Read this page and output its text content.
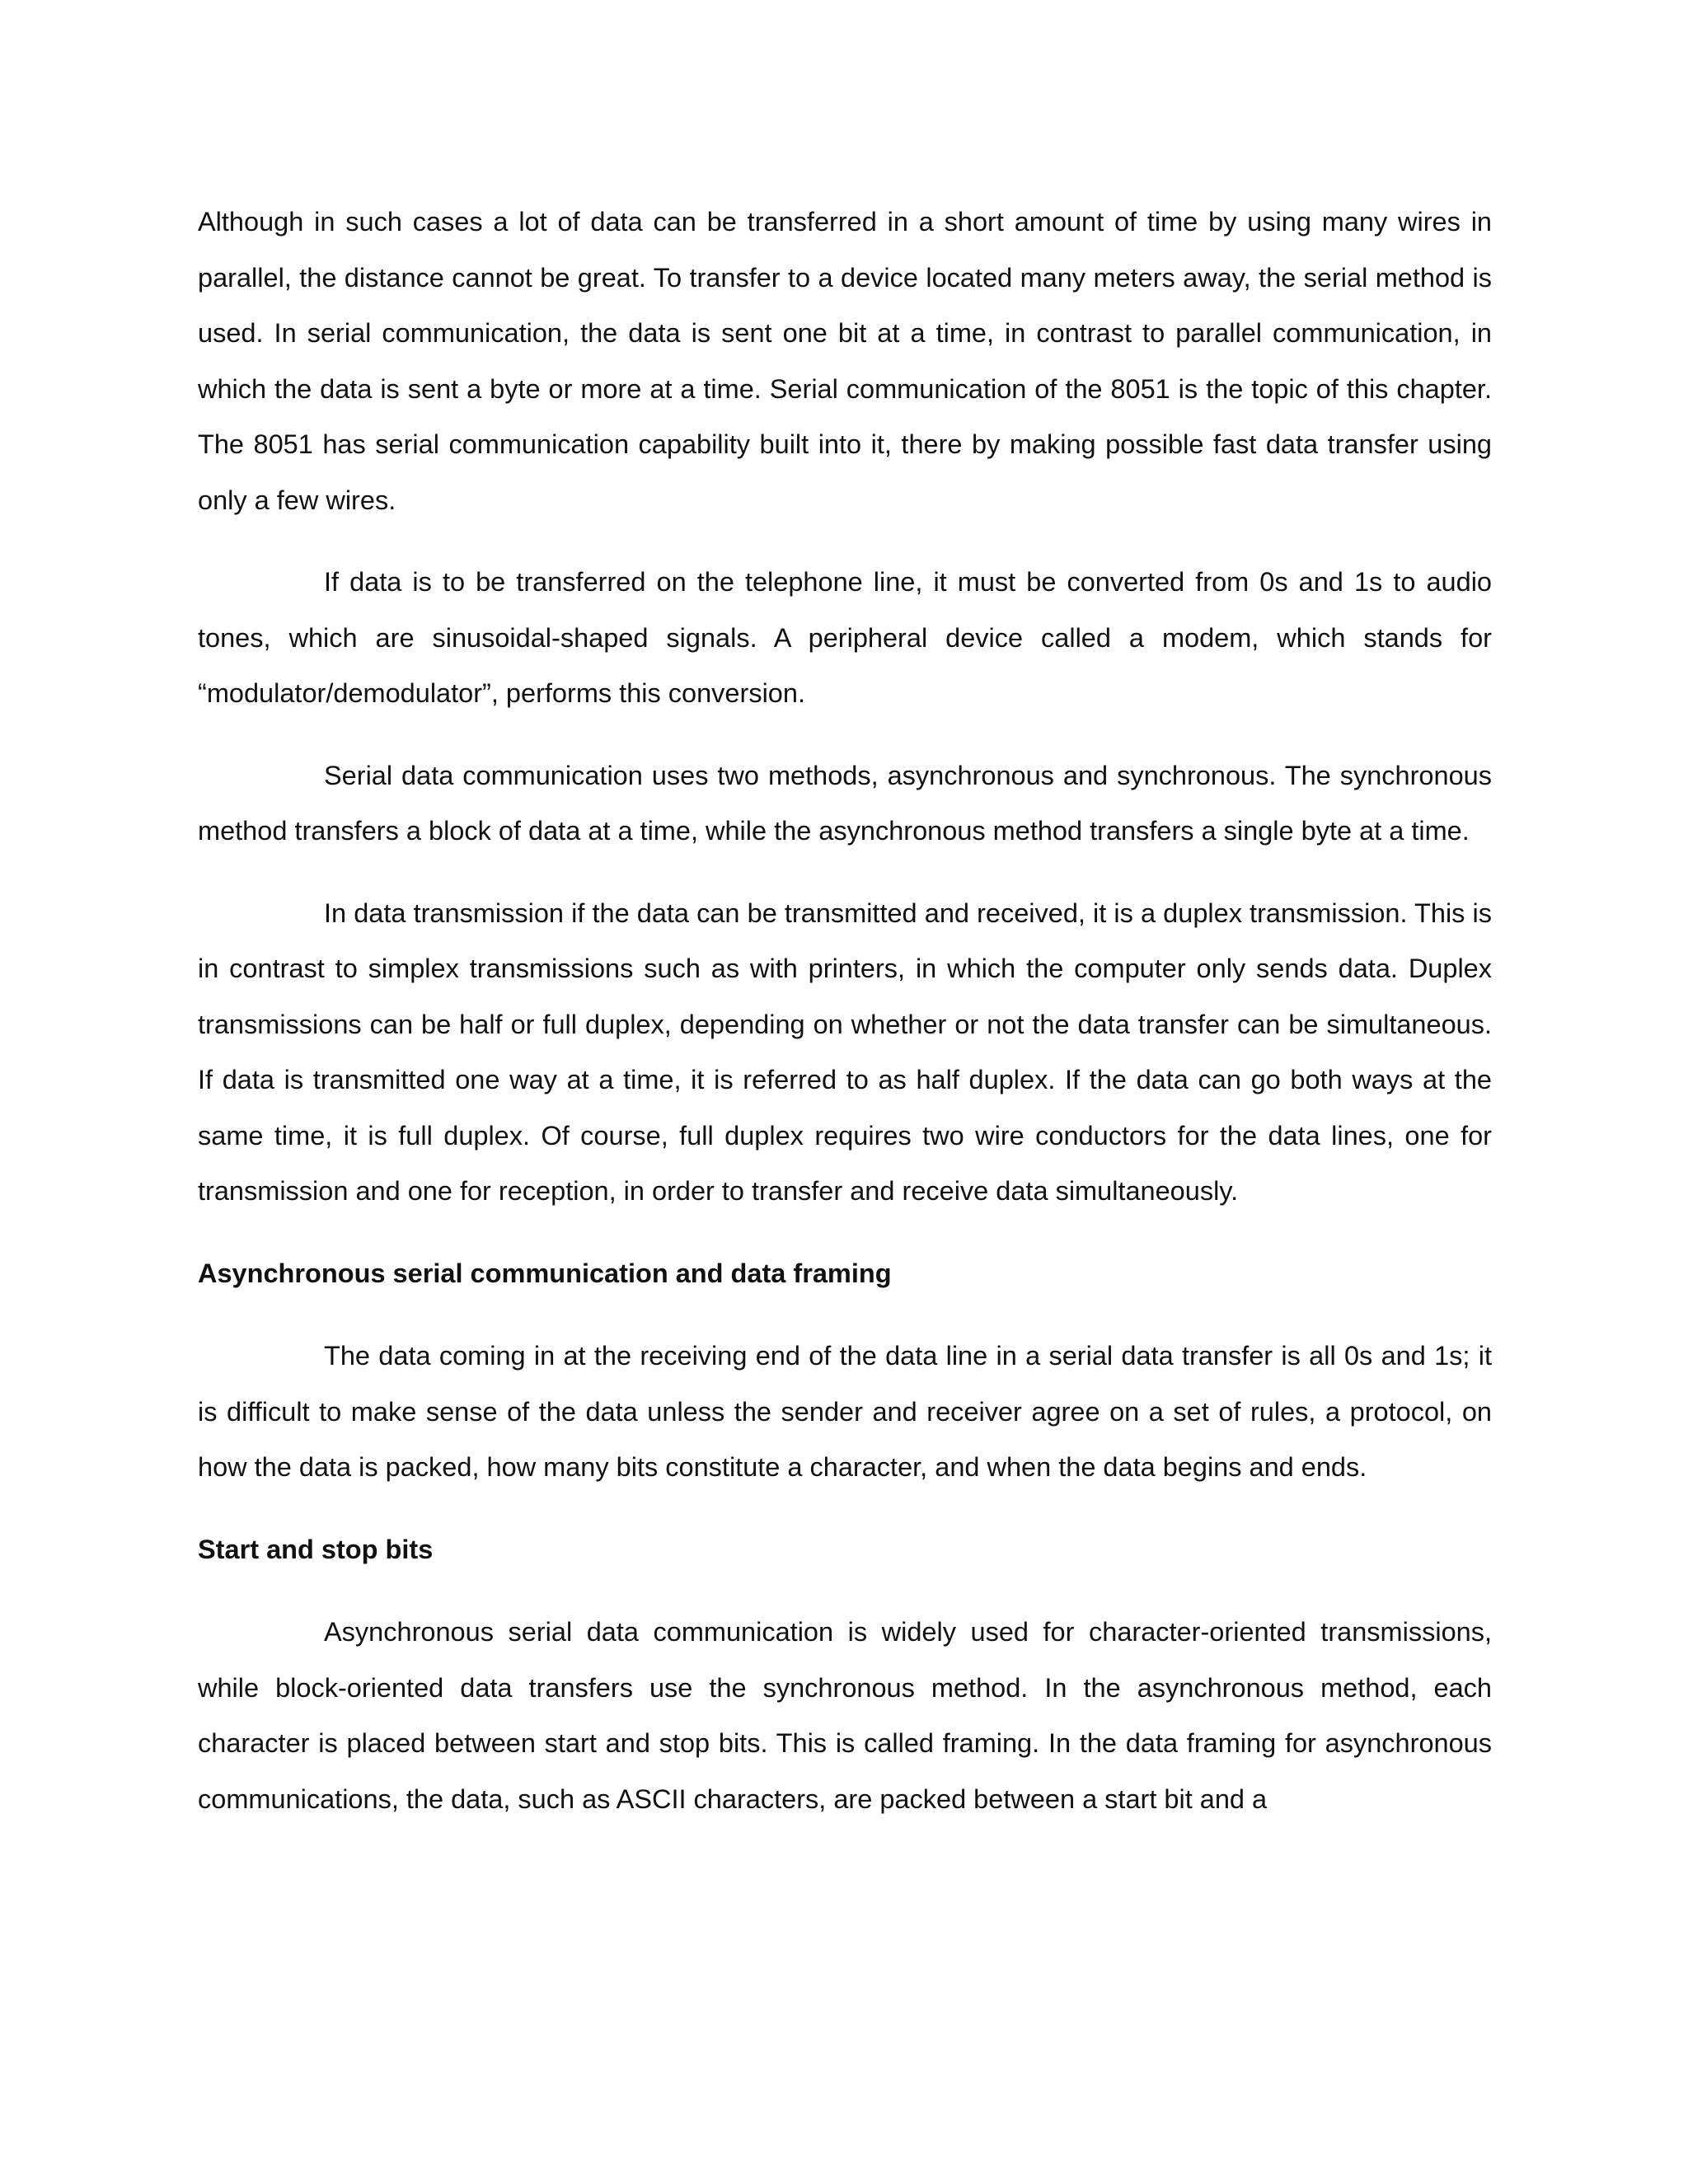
Although in such cases a lot of data can be transferred in a short amount of time by using many wires in parallel, the distance cannot be great. To transfer to a device located many meters away, the serial method is used. In serial communication, the data is sent one bit at a time, in contrast to parallel communication, in which the data is sent a byte or more at a time. Serial communication of the 8051 is the topic of this chapter. The 8051 has serial communication capability built into it, there by making possible fast data transfer using only a few wires.

If data is to be transferred on the telephone line, it must be converted from 0s and 1s to audio tones, which are sinusoidal-shaped signals. A peripheral device called a modem, which stands for “modulator/demodulator”, performs this conversion.

Serial data communication uses two methods, asynchronous and synchronous. The synchronous method transfers a block of data at a time, while the asynchronous method transfers a single byte at a time.

In data transmission if the data can be transmitted and received, it is a duplex transmission. This is in contrast to simplex transmissions such as with printers, in which the computer only sends data. Duplex transmissions can be half or full duplex, depending on whether or not the data transfer can be simultaneous. If data is transmitted one way at a time, it is referred to as half duplex. If the data can go both ways at the same time, it is full duplex. Of course, full duplex requires two wire conductors for the data lines, one for transmission and one for reception, in order to transfer and receive data simultaneously.

Asynchronous serial communication and data framing

The data coming in at the receiving end of the data line in a serial data transfer is all 0s and 1s; it is difficult to make sense of the data unless the sender and receiver agree on a set of rules, a protocol, on how the data is packed, how many bits constitute a character, and when the data begins and ends.

Start and stop bits

Asynchronous serial data communication is widely used for character-oriented transmissions, while block-oriented data transfers use the synchronous method. In the asynchronous method, each character is placed between start and stop bits. This is called framing. In the data framing for asynchronous communications, the data, such as ASCII characters, are packed between a start bit and a
